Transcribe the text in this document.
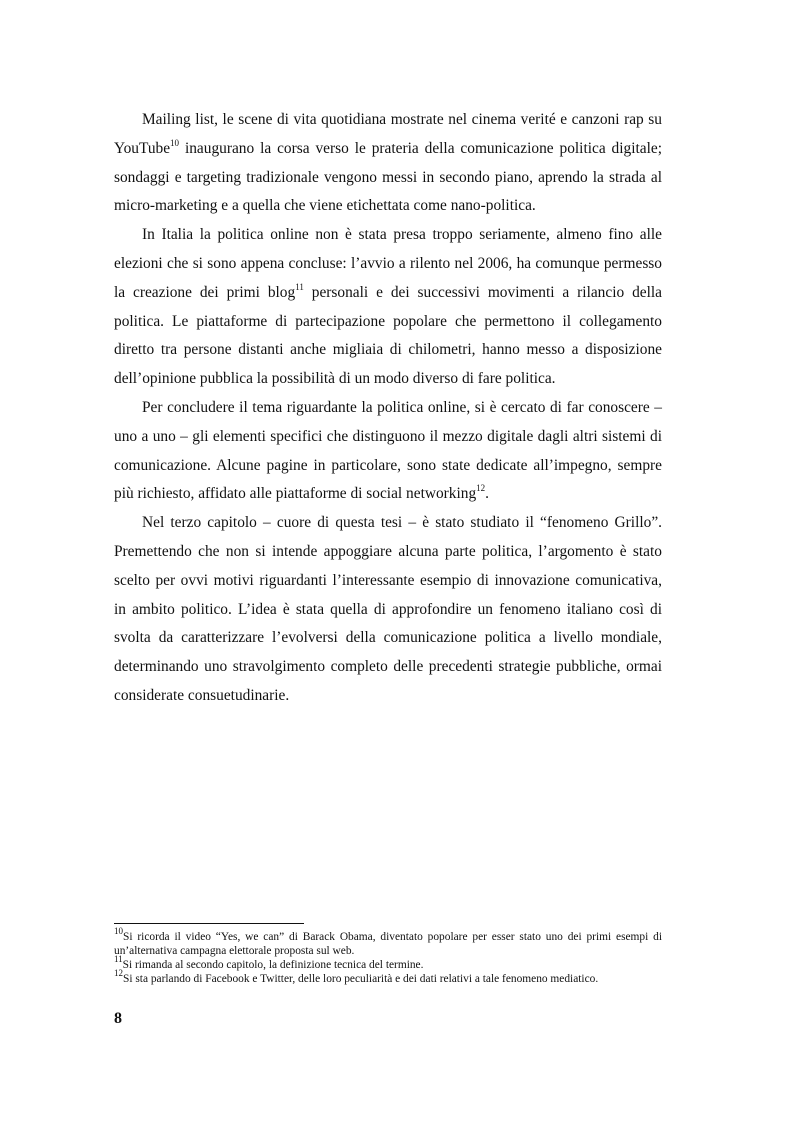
Mailing list, le scene di vita quotidiana mostrate nel cinema verité e canzoni rap su YouTube$^{10}$ inaugurano la corsa verso le prateria della comunicazione politica digitale; sondaggi e targeting tradizionale vengono messi in secondo piano, aprendo la strada al micro-marketing e a quella che viene etichettata come nano-politica.

In Italia la politica online non è stata presa troppo seriamente, almeno fino alle elezioni che si sono appena concluse: l’avvio a rilento nel 2006, ha comunque permesso la creazione dei primi blog$^{11}$ personali e dei successivi movimenti a rilancio della politica. Le piattaforme di partecipazione popolare che permettono il collegamento diretto tra persone distanti anche migliaia di chilometri, hanno messo a disposizione dell’opinione pubblica la possibilità di un modo diverso di fare politica.

Per concludere il tema riguardante la politica online, si è cercato di far conoscere – uno a uno – gli elementi specifici che distinguono il mezzo digitale dagli altri sistemi di comunicazione. Alcune pagine in particolare, sono state dedicate all’impegno, sempre più richiesto, affidato alle piattaforme di social networking$^{12}$.

Nel terzo capitolo – cuore di questa tesi – è stato studiato il “fenomeno Grillo”. Premettendo che non si intende appoggiare alcuna parte politica, l’argomento è stato scelto per ovvi motivi riguardanti l’interessante esempio di innovazione comunicativa, in ambito politico. L’idea è stata quella di approfondire un fenomeno italiano così di svolta da caratterizzare l’evolversi della comunicazione politica a livello mondiale, determinando uno stravolgimento completo delle precedenti strategie pubbliche, ormai considerate consuetudinarie.

$^{10}$Si ricorda il video “Yes, we can” di Barack Obama, diventato popolare per esser stato uno dei primi esempi di un’alternativa campagna elettorale proposta sul web.

$^{11}$Si rimanda al secondo capitolo, la definizione tecnica del termine.

$^{12}$Si sta parlando di Facebook e Twitter, delle loro peculiarità e dei dati relativi a tale fenomeno mediatico.

8
